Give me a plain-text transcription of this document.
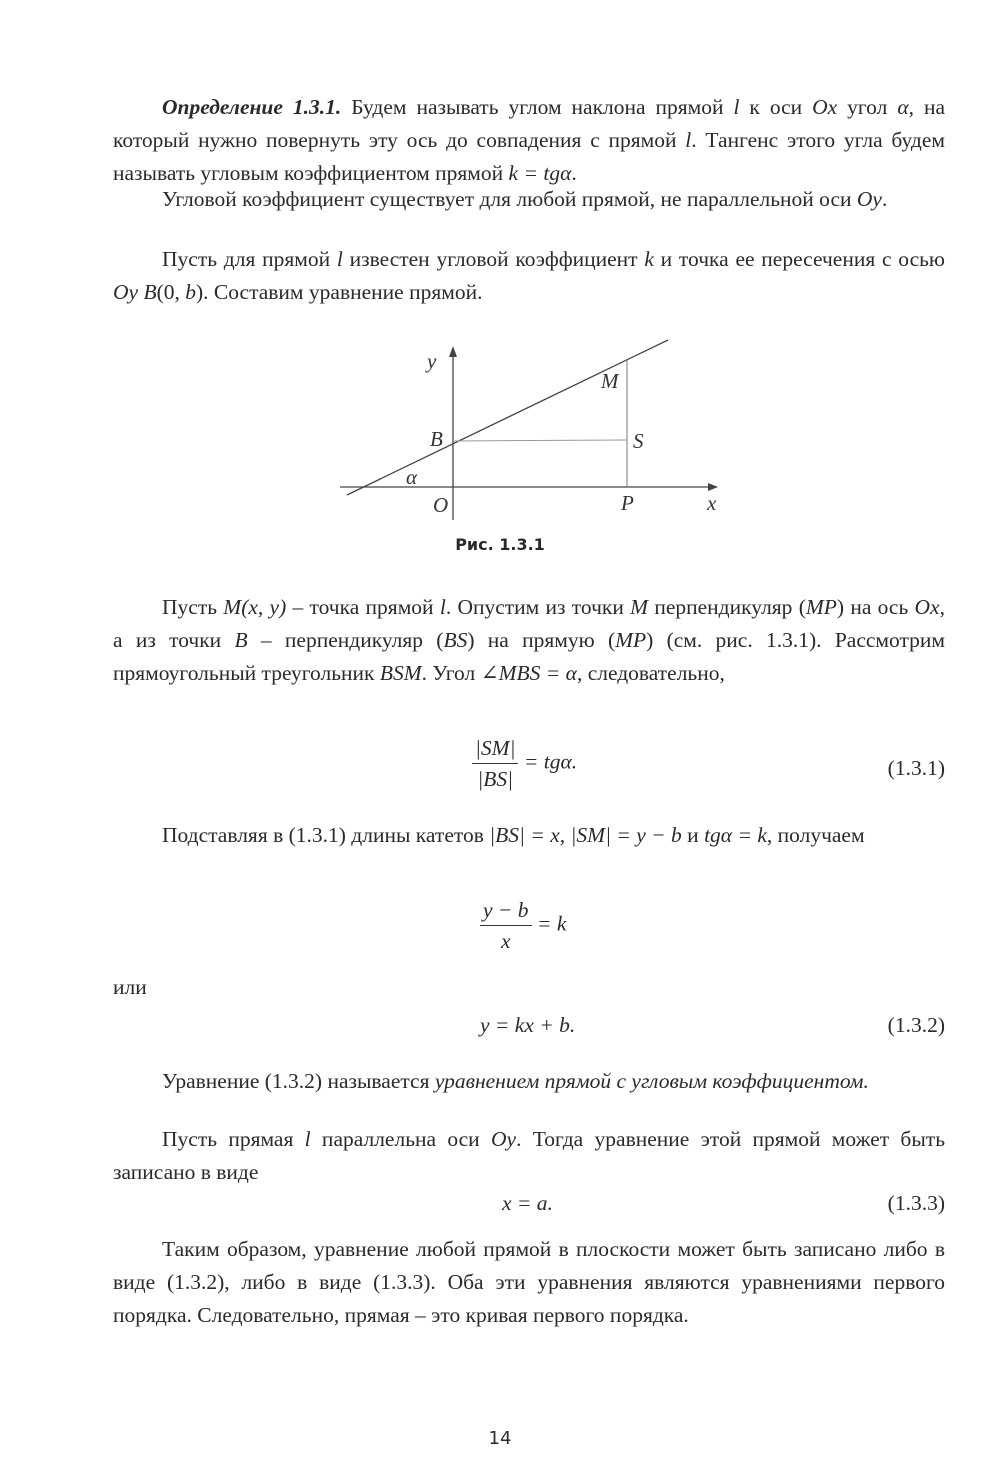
Определение 1.3.1. Будем называть углом наклона прямой l к оси Ox угол α, на который нужно повернуть эту ось до совпадения с прямой l. Тангенс этого угла будем называть угловым коэффициентом прямой k = tgα.
Угловой коэффициент существует для любой прямой, не параллельной оси Oy.
Пусть для прямой l известен угловой коэффициент k и точка ее пересечения с осью Oy B(0, b). Составим уравнение прямой.
y
M
B	S
α
O	P	x
Рис. 1.3.1
Пусть M(x, y) – точка прямой l. Опустим из точки M перпендикуляр (MP) на ось Ox, а из точки B – перпендикуляр (BS) на прямую (MP) (см. рис. 1.3.1). Рассмотрим прямоугольный треугольник BSM. Угол ∠MBS = α, следовательно,
$\frac{|SM|}{|BS|} = tg\alpha$.	(1.3.1)
Подставляя в (1.3.1) длины катетов |BS| = x, |SM| = y − b и tgα = k, получаем
$\frac{y - b}{x} = k$
или
y = kx + b.	(1.3.2)
Уравнение (1.3.2) называется уравнением прямой с угловым коэффициентом.
Пусть прямая l параллельна оси Oy. Тогда уравнение этой прямой может быть записано в виде
x = a.	(1.3.3)
Таким образом, уравнение любой прямой в плоскости может быть записано либо в виде (1.3.2), либо в виде (1.3.3). Оба эти уравнения являются уравнениями первого порядка. Следовательно, прямая – это кривая первого порядка.
14
